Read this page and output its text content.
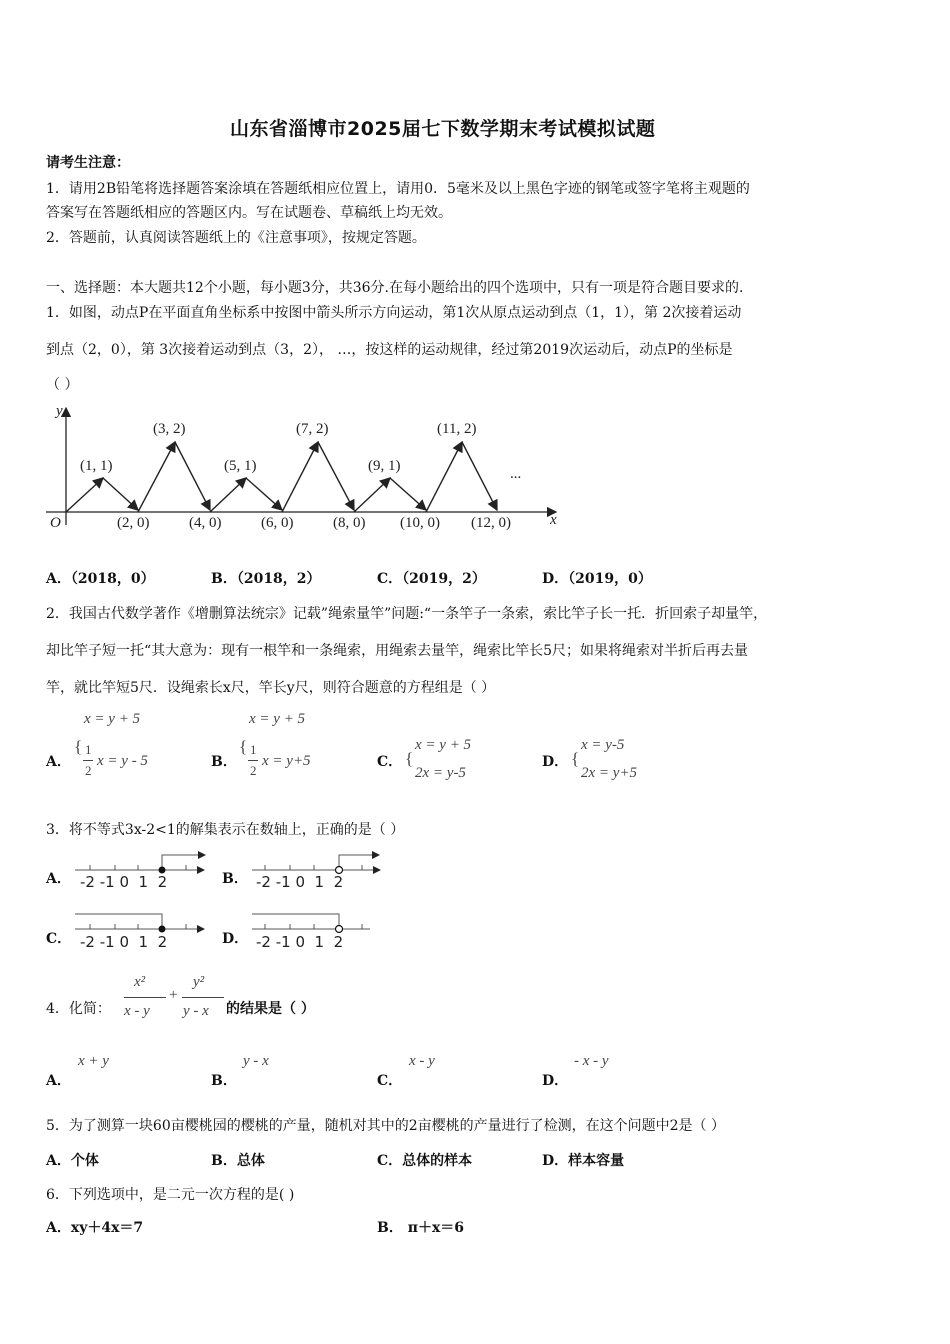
山东省淄博市2025届七下数学期末考试模拟试题
请考生注意：
1．请用2B铅笔将选择题答案涂填在答题纸相应位置上，请用0．5毫米及以上黑色字迹的钢笔或签字笔将主观题的
答案写在答题纸相应的答题区内。写在试题卷、草稿纸上均无效。
2．答题前，认真阅读答题纸上的《注意事项》，按规定答题。
一、选择题：本大题共12个小题，每小题3分，共36分.在每小题给出的四个选项中，只有一项是符合题目要求的.
1．如图，动点P在平面直角坐标系中按图中箭头所示方向运动，第1次从原点运动到点（1，1），第 2次接着运动
到点（2，0），第 3次接着运动到点（3，2）， …，按这样的运动规律，经过第2019次运动后，动点P的坐标是
（ ）
y
x
O
(1, 1)
(3, 2)
(5, 1)
(7, 2)
(9, 1)
(11, 2)
...
(2, 0)	(4, 0)	(6, 0)	(8, 0) (10, 0) (12, 0)
A．（2018，0）	B．（2018，2）	C．（2019，2）	D．（2019，0）
2．我国古代数学著作《增删算法统宗》记载”绳索量竿”问题:“一条竿子一条索，索比竿子长一托．折回索子却量竿，
却比竿子短一托“其大意为：现有一根竿和一条绳索，用绳索去量竿，绳索比竿长5尺；如果将绳索对半折后再去量
竿，就比竿短5尺．设绳索长x尺，竿长y尺，则符合题意的方程组是（ ）
A．
x = y + 5
{ 1
2
x = y - 5	B．
x = y + 5
{ 1
2
x = y+5	C． {
x = y + 5
2x = y-5
D． {
x = y-5
2x = y+5
3．将不等式3x-2<1的解集表示在数轴上，正确的是（ ）
A．	B．
C．	D．
-2 -1 0  1  2	-2 -1 0  1  2
-2 -1 0  1  2	-2 -1 0  1  2
4．化简：
x²
x - y
+
y²
y - x 的结果是（ ）
A．
x + y
B．
y - x
C．
x - y
D．
- x - y
5．为了测算一块60亩樱桃园的樱桃的产量，随机对其中的2亩樱桃的产量进行了检测，在这个问题中2是（ ）
A．个体	B．总体	C．总体的样本	D．样本容量
6．下列选项中，是二元一次方程的是( )
A．xy＋4x＝7	B． π＋x＝6
